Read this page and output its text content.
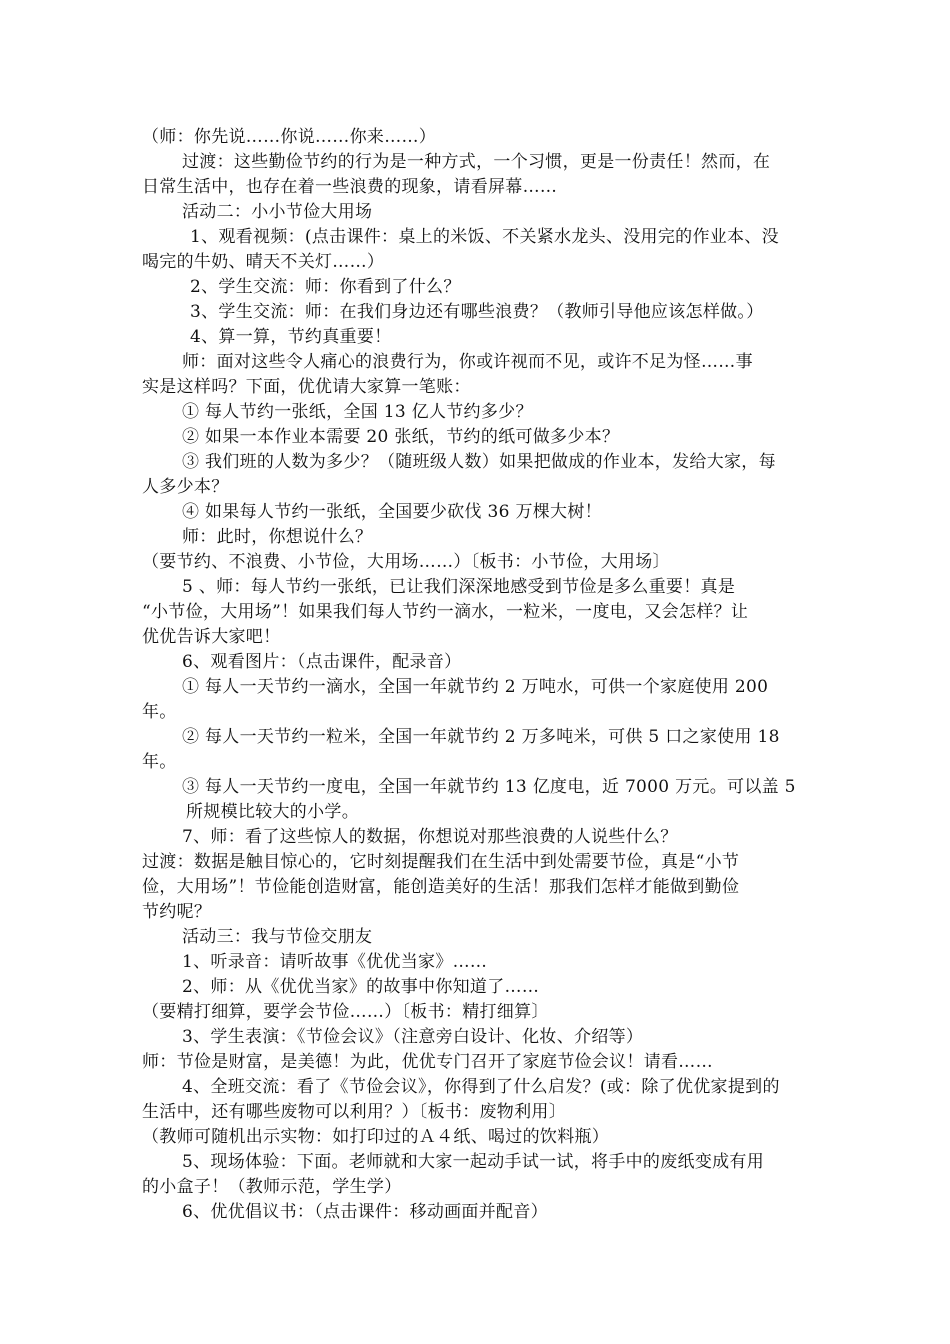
（师：你先说……你说……你来……）
过渡：这些勤俭节约的行为是一种方式，一个习惯，更是一份责任！然而，在
日常生活中，也存在着一些浪费的现象，请看屏幕……
活动二：小小节俭大用场
1、观看视频：(点击课件：桌上的米饭、不关紧水龙头、没用完的作业本、没
喝完的牛奶、晴天不关灯……）
2、学生交流：师：你看到了什么？
3、学生交流：师：在我们身边还有哪些浪费？（教师引导他应该怎样做。）
4、算一算，节约真重要！
师：面对这些令人痛心的浪费行为，你或许视而不见，或许不足为怪……事
实是这样吗？下面，优优请大家算一笔账：
① 每人节约一张纸，全国 13 亿人节约多少？
② 如果一本作业本需要 20 张纸，节约的纸可做多少本？
③ 我们班的人数为多少？（随班级人数）如果把做成的作业本，发给大家，每
人多少本？
④ 如果每人节约一张纸，全国要少砍伐 36 万棵大树！
师：此时，你想说什么？
（要节约、不浪费、小节俭，大用场……）〔板书：小节俭，大用场〕
5 、师：每人节约一张纸，已让我们深深地感受到节俭是多么重要！真是
“小节俭，大用场”！如果我们每人节约一滴水，一粒米，一度电，又会怎样？让
优优告诉大家吧！
6、观看图片：（点击课件，配录音）
① 每人一天节约一滴水，全国一年就节约 2 万吨水，可供一个家庭使用 200
年。
② 每人一天节约一粒米，全国一年就节约 2 万多吨米，可供 5 口之家使用 18
年。
③ 每人一天节约一度电，全国一年就节约 13 亿度电，近 7000 万元。可以盖 5
所规模比较大的小学。
7、师：看了这些惊人的数据，你想说对那些浪费的人说些什么？
过渡：数据是触目惊心的，它时刻提醒我们在生活中到处需要节俭，真是“小节
俭，大用场”！节俭能创造财富，能创造美好的生活！那我们怎样才能做到勤俭
节约呢？
活动三：我与节俭交朋友
1、听录音：请听故事《优优当家》……
2、师：从《优优当家》的故事中你知道了……
（要精打细算，要学会节俭……）〔板书：精打细算〕
3、学生表演：《节俭会议》（注意旁白设计、化妆、介绍等）
师：节俭是财富，是美德！为此，优优专门召开了家庭节俭会议！请看……
4、全班交流：看了《节俭会议》，你得到了什么启发？(或：除了优优家提到的
生活中，还有哪些废物可以利用？）〔板书：废物利用〕
（教师可随机出示实物：如打印过的Ａ４纸、喝过的饮料瓶）
5、现场体验：下面。老师就和大家一起动手试一试，将手中的废纸变成有用
的小盒子！（教师示范，学生学）
6、优优倡议书：（点击课件：移动画面并配音）
